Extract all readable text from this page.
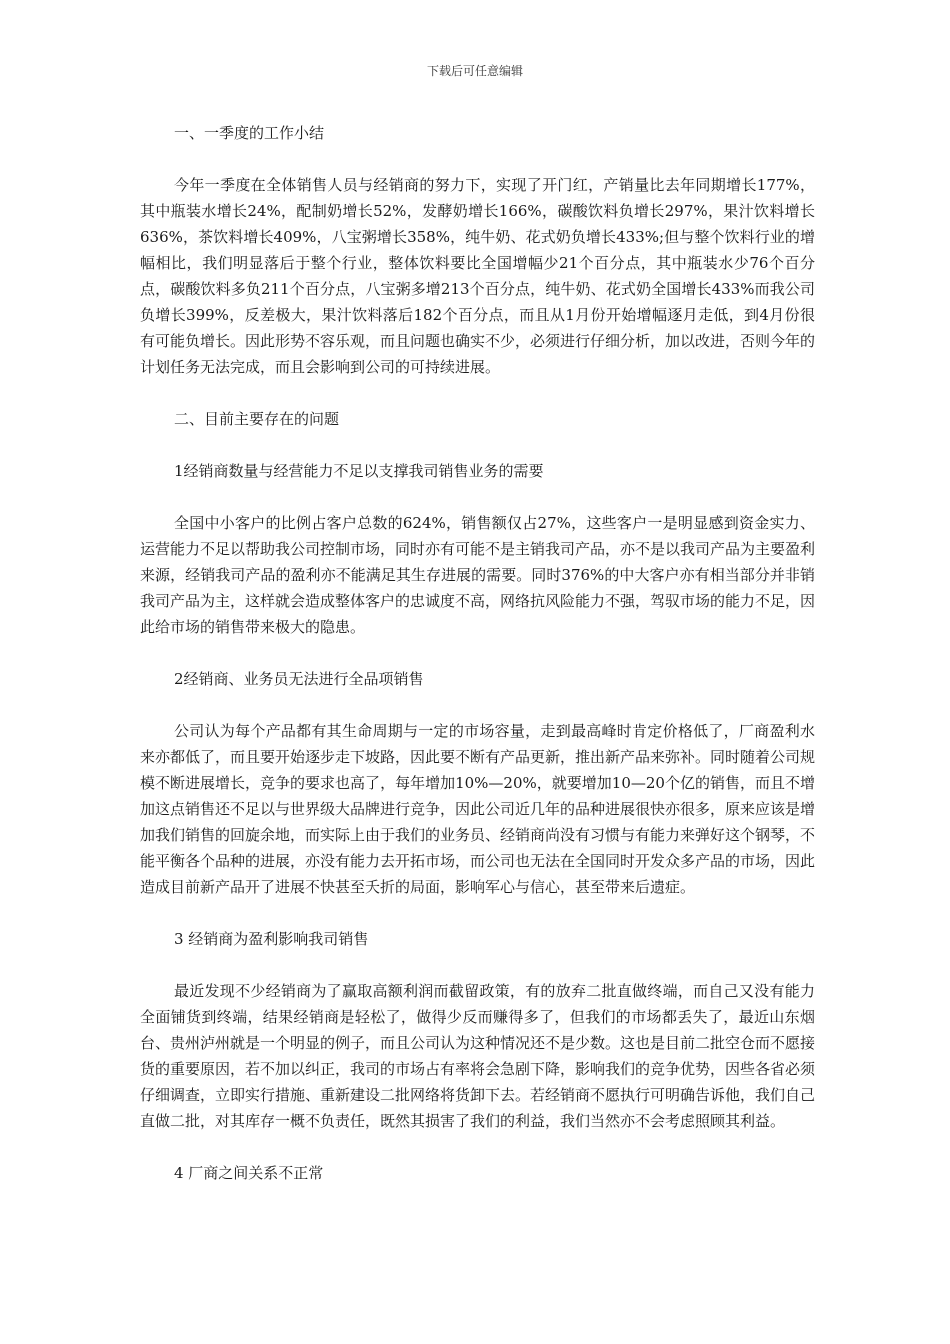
下载后可任意编辑

一、一季度的工作小结

今年一季度在全体销售人员与经销商的努力下，实现了开门红，产销量比去年同期增长177%，其中瓶装水增长24%，配制奶增长52%，发酵奶增长166%，碳酸饮料负增长297%，果汁饮料增长636%，茶饮料增长409%，八宝粥增长358%，纯牛奶、花式奶负增长433%;但与整个饮料行业的增幅相比，我们明显落后于整个行业，整体饮料要比全国增幅少21个百分点，其中瓶装水少76个百分点，碳酸饮料多负211个百分点，八宝粥多增213个百分点，纯牛奶、花式奶全国增长433%而我公司负增长399%，反差极大，果汁饮料落后182个百分点，而且从1月份开始增幅逐月走低，到4月份很有可能负增长。因此形势不容乐观，而且问题也确实不少，必须进行仔细分析，加以改进，否则今年的计划任务无法完成，而且会影响到公司的可持续进展。

二、目前主要存在的问题

1经销商数量与经营能力不足以支撑我司销售业务的需要

全国中小客户的比例占客户总数的624%，销售额仅占27%，这些客户一是明显感到资金实力、运营能力不足以帮助我公司控制市场，同时亦有可能不是主销我司产品，亦不是以我司产品为主要盈利来源，经销我司产品的盈利亦不能满足其生存进展的需要。同时376%的中大客户亦有相当部分并非销我司产品为主，这样就会造成整体客户的忠诚度不高，网络抗风险能力不强，驾驭市场的能力不足，因此给市场的销售带来极大的隐患。

2经销商、业务员无法进行全品项销售

公司认为每个产品都有其生命周期与一定的市场容量，走到最高峰时肯定价格低了，厂商盈利水来亦都低了，而且要开始逐步走下坡路，因此要不断有产品更新，推出新产品来弥补。同时随着公司规模不断进展增长，竞争的要求也高了，每年增加10%—20%，就要增加10—20个亿的销售，而且不增加这点销售还不足以与世界级大品牌进行竞争，因此公司近几年的品种进展很快亦很多，原来应该是增加我们销售的回旋余地，而实际上由于我们的业务员、经销商尚没有习惯与有能力来弹好这个钢琴，不能平衡各个品种的进展，亦没有能力去开拓市场，而公司也无法在全国同时开发众多产品的市场，因此造成目前新产品开了进展不快甚至夭折的局面，影响军心与信心，甚至带来后遗症。

3 经销商为盈利影响我司销售

最近发现不少经销商为了赢取高额利润而截留政策，有的放弃二批直做终端，而自己又没有能力全面铺货到终端，结果经销商是轻松了，做得少反而赚得多了，但我们的市场都丢失了，最近山东烟台、贵州泸州就是一个明显的例子，而且公司认为这种情况还不是少数。这也是目前二批空仓而不愿接货的重要原因，若不加以纠正，我司的市场占有率将会急剧下降，影响我们的竞争优势，因些各省必须仔细调查，立即实行措施、重新建设二批网络将货卸下去。若经销商不愿执行可明确告诉他，我们自己直做二批，对其库存一概不负责任，既然其损害了我们的利益，我们当然亦不会考虑照顾其利益。

4 厂商之间关系不正常
